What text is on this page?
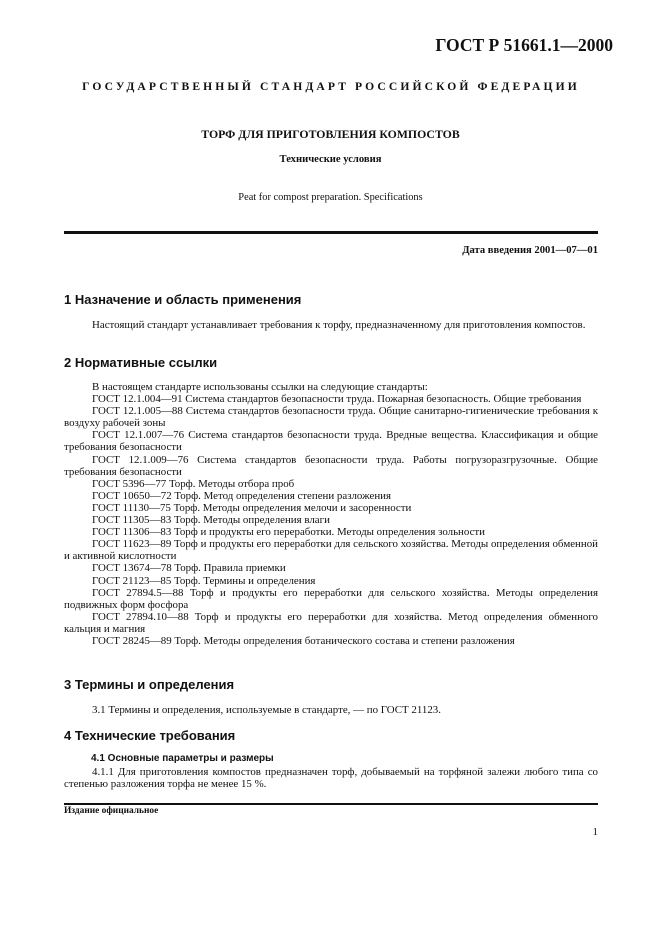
ГОСТ Р 51661.1—2000
ГОСУДАРСТВЕННЫЙ СТАНДАРТ РОССИЙСКОЙ ФЕДЕРАЦИИ
ТОРФ ДЛЯ ПРИГОТОВЛЕНИЯ КОМПОСТОВ
Технические условия
Peat for compost preparation. Specifications
Дата введения 2001—07—01
1 Назначение и область применения

Настоящий стандарт устанавливает требования к торфу, предназначенному для приготовления компостов.

2 Нормативные ссылки

В настоящем стандарте использованы ссылки на следующие стандарты:

ГОСТ 12.1.004—91 Система стандартов безопасности труда. Пожарная безопасность. Общие требования

ГОСТ 12.1.005—88 Система стандартов безопасности труда. Общие санитарно-гигиенические требования к воздуху рабочей зоны

ГОСТ 12.1.007—76 Система стандартов безопасности труда. Вредные вещества. Классификация и общие требования безопасности

ГОСТ 12.1.009—76 Система стандартов безопасности труда. Работы погрузоразгрузочные. Общие требования безопасности

ГОСТ 5396—77 Торф. Методы отбора проб

ГОСТ 10650—72 Торф. Метод определения степени разложения

ГОСТ 11130—75 Торф. Методы определения мелочи и засоренности

ГОСТ 11305—83 Торф. Методы определения влаги

ГОСТ 11306—83 Торф и продукты его переработки. Методы определения зольности

ГОСТ 11623—89 Торф и продукты его переработки для сельского хозяйства. Методы определения обменной и активной кислотности

ГОСТ 13674—78 Торф. Правила приемки

ГОСТ 21123—85 Торф. Термины и определения

ГОСТ 27894.5—88 Торф и продукты его переработки для сельского хозяйства. Методы определения подвижных форм фосфора

ГОСТ 27894.10—88 Торф и продукты его переработки для хозяйства. Метод определения обменного кальция и магния

ГОСТ 28245—89 Торф. Методы определения ботанического состава и степени разложения

3 Термины и определения

3.1 Термины и определения, используемые в стандарте, — по ГОСТ 21123.

4 Технические требования
4.1 Основные параметры и размеры

4.1.1 Для приготовления компостов предназначен торф, добываемый на торфяной залежи любого типа со степенью разложения торфа не менее 15 %.

Издание официальное
1
